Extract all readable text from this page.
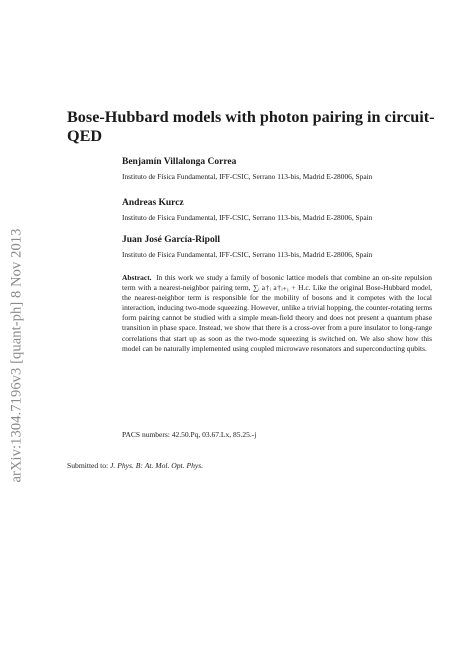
arXiv:1304.7196v3 [quant-ph] 8 Nov 2013
Bose-Hubbard models with photon pairing in circuit-QED
Benjamín Villalonga Correa
Instituto de Física Fundamental, IFF-CSIC, Serrano 113-bis, Madrid E-28006, Spain
Andreas Kurcz
Instituto de Física Fundamental, IFF-CSIC, Serrano 113-bis, Madrid E-28006, Spain
Juan José García-Ripoll
Instituto de Física Fundamental, IFF-CSIC, Serrano 113-bis, Madrid E-28006, Spain

Abstract. In this work we study a family of bosonic lattice models that combine an on-site repulsion term with a nearest-neighbor pairing term, ∑ᵢ a†ᵢ a†ᵢ₊₁ + H.c. Like the original Bose-Hubbard model, the nearest-neighbor term is responsible for the mobility of bosons and it competes with the local interaction, inducing two-mode squeezing. However, unlike a trivial hopping, the counter-rotating terms form pairing cannot be studied with a simple mean-field theory and does not present a quantum phase transition in phase space. Instead, we show that there is a cross-over from a pure insulator to long-range correlations that start up as soon as the two-mode squeezing is switched on. We also show how this model can be naturally implemented using coupled microwave resonators and superconducting qubits.

PACS numbers: 42.50.Pq, 03.67.Lx, 85.25.-j
Submitted to: J. Phys. B: At. Mol. Opt. Phys.
